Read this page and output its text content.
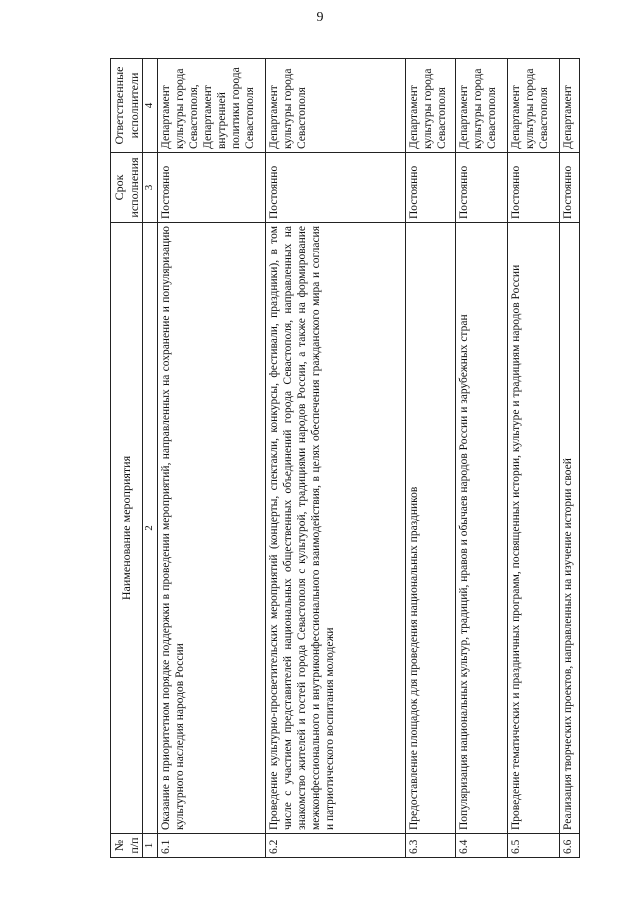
9
№ п/п	Наименование мероприятия	Срок исполнения	Ответственные исполнители
1	2	3	4
6.1	Оказание в приоритетном порядке поддержки в проведении мероприятий, направленных на сохранение и популяризацию культурного наследия народов России	Постоянно	Департамент культуры города Севастополя, Департамент внутренней политики города Севастополя
6.2	Проведение культурно-просветительских мероприятий (концерты, спектакли, конкурсы, фестивали, праздники), в том числе с участием представителей национальных общественных объединений города Севастополя, направленных на знакомство жителей и гостей города Севастополя с культурой, традициями народов России, а также на формирование межконфессионального и внутриконфессионального взаимодействия, в целях обеспечения гражданского мира и согласия и патриотического воспитания молодежи	Постоянно	Департамент культуры города Севастополя
6.3	Предоставление площадок для проведения национальных праздников	Постоянно	Департамент культуры города Севастополя
6.4	Популяризация национальных культур, традиций, нравов и обычаев народов России и зарубежных стран	Постоянно	Департамент культуры города Севастополя
6.5	Проведение тематических и праздничных программ, посвященных истории, культуре и традициям народов России	Постоянно	Департамент культуры города Севастополя
6.6	Реализация творческих проектов, направленных на изучение истории своей	Постоянно	Департамент
